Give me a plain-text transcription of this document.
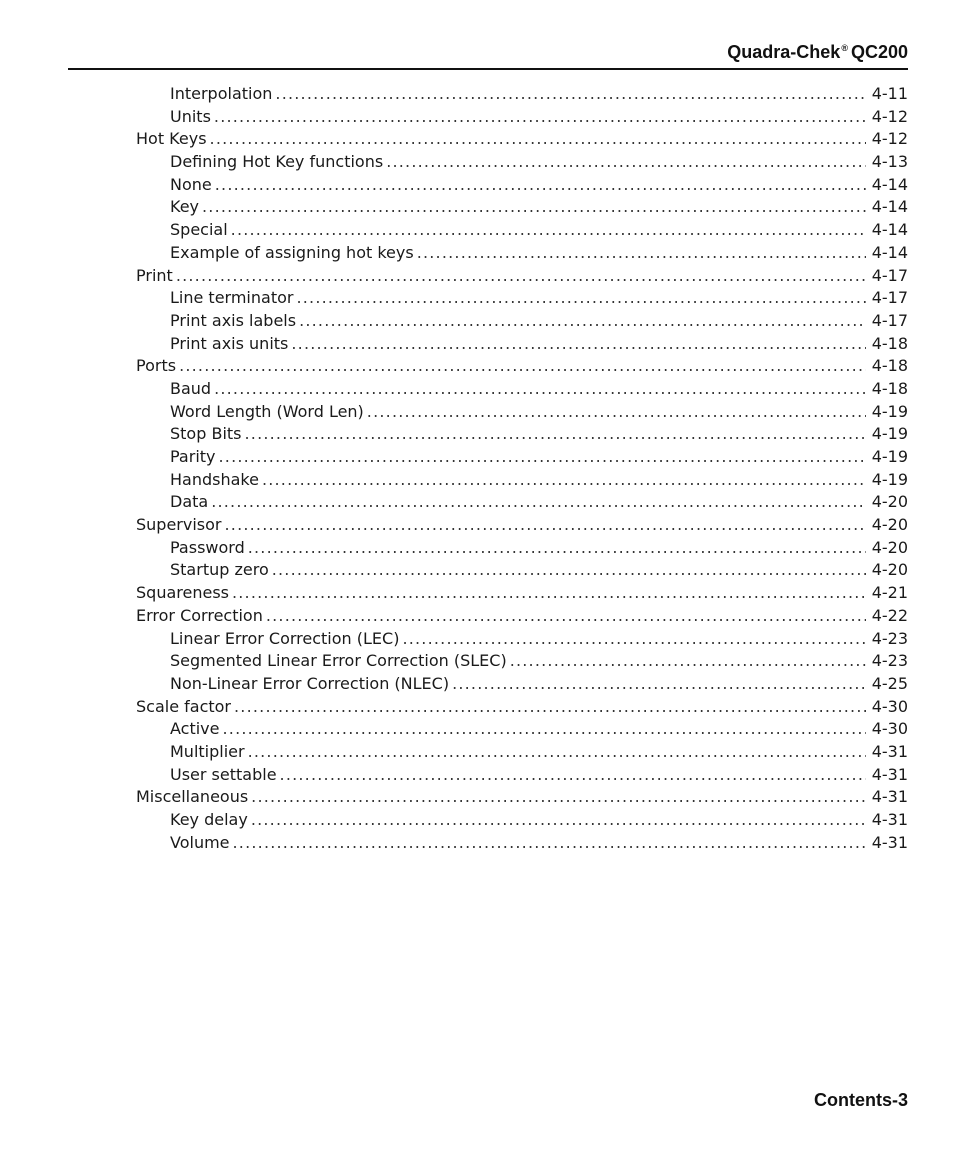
Quadra-Chek® QC200
Interpolation .....	4-11
Units .....	4-12
Hot Keys .....	4-12
Defining Hot Key functions .....	4-13
None .....	4-14
Key .....	4-14
Special .....	4-14
Example of assigning hot keys .....	4-14
Print .....	4-17
Line terminator .....	4-17
Print axis labels .....	4-17
Print axis units .....	4-18
Ports .....	4-18
Baud .....	4-18
Word Length (Word Len) .....	4-19
Stop Bits .....	4-19
Parity .....	4-19
Handshake .....	4-19
Data .....	4-20
Supervisor .....	4-20
Password .....	4-20
Startup zero .....	4-20
Squareness .....	4-21
Error Correction .....	4-22
Linear Error Correction (LEC) .....	4-23
Segmented Linear Error Correction (SLEC) .....	4-23
Non-Linear Error Correction (NLEC) .....	4-25
Scale factor .....	4-30
Active .....	4-30
Multiplier .....	4-31
User settable .....	4-31
Miscellaneous .....	4-31
Key delay .....	4-31
Volume .....	4-31
Contents-3
